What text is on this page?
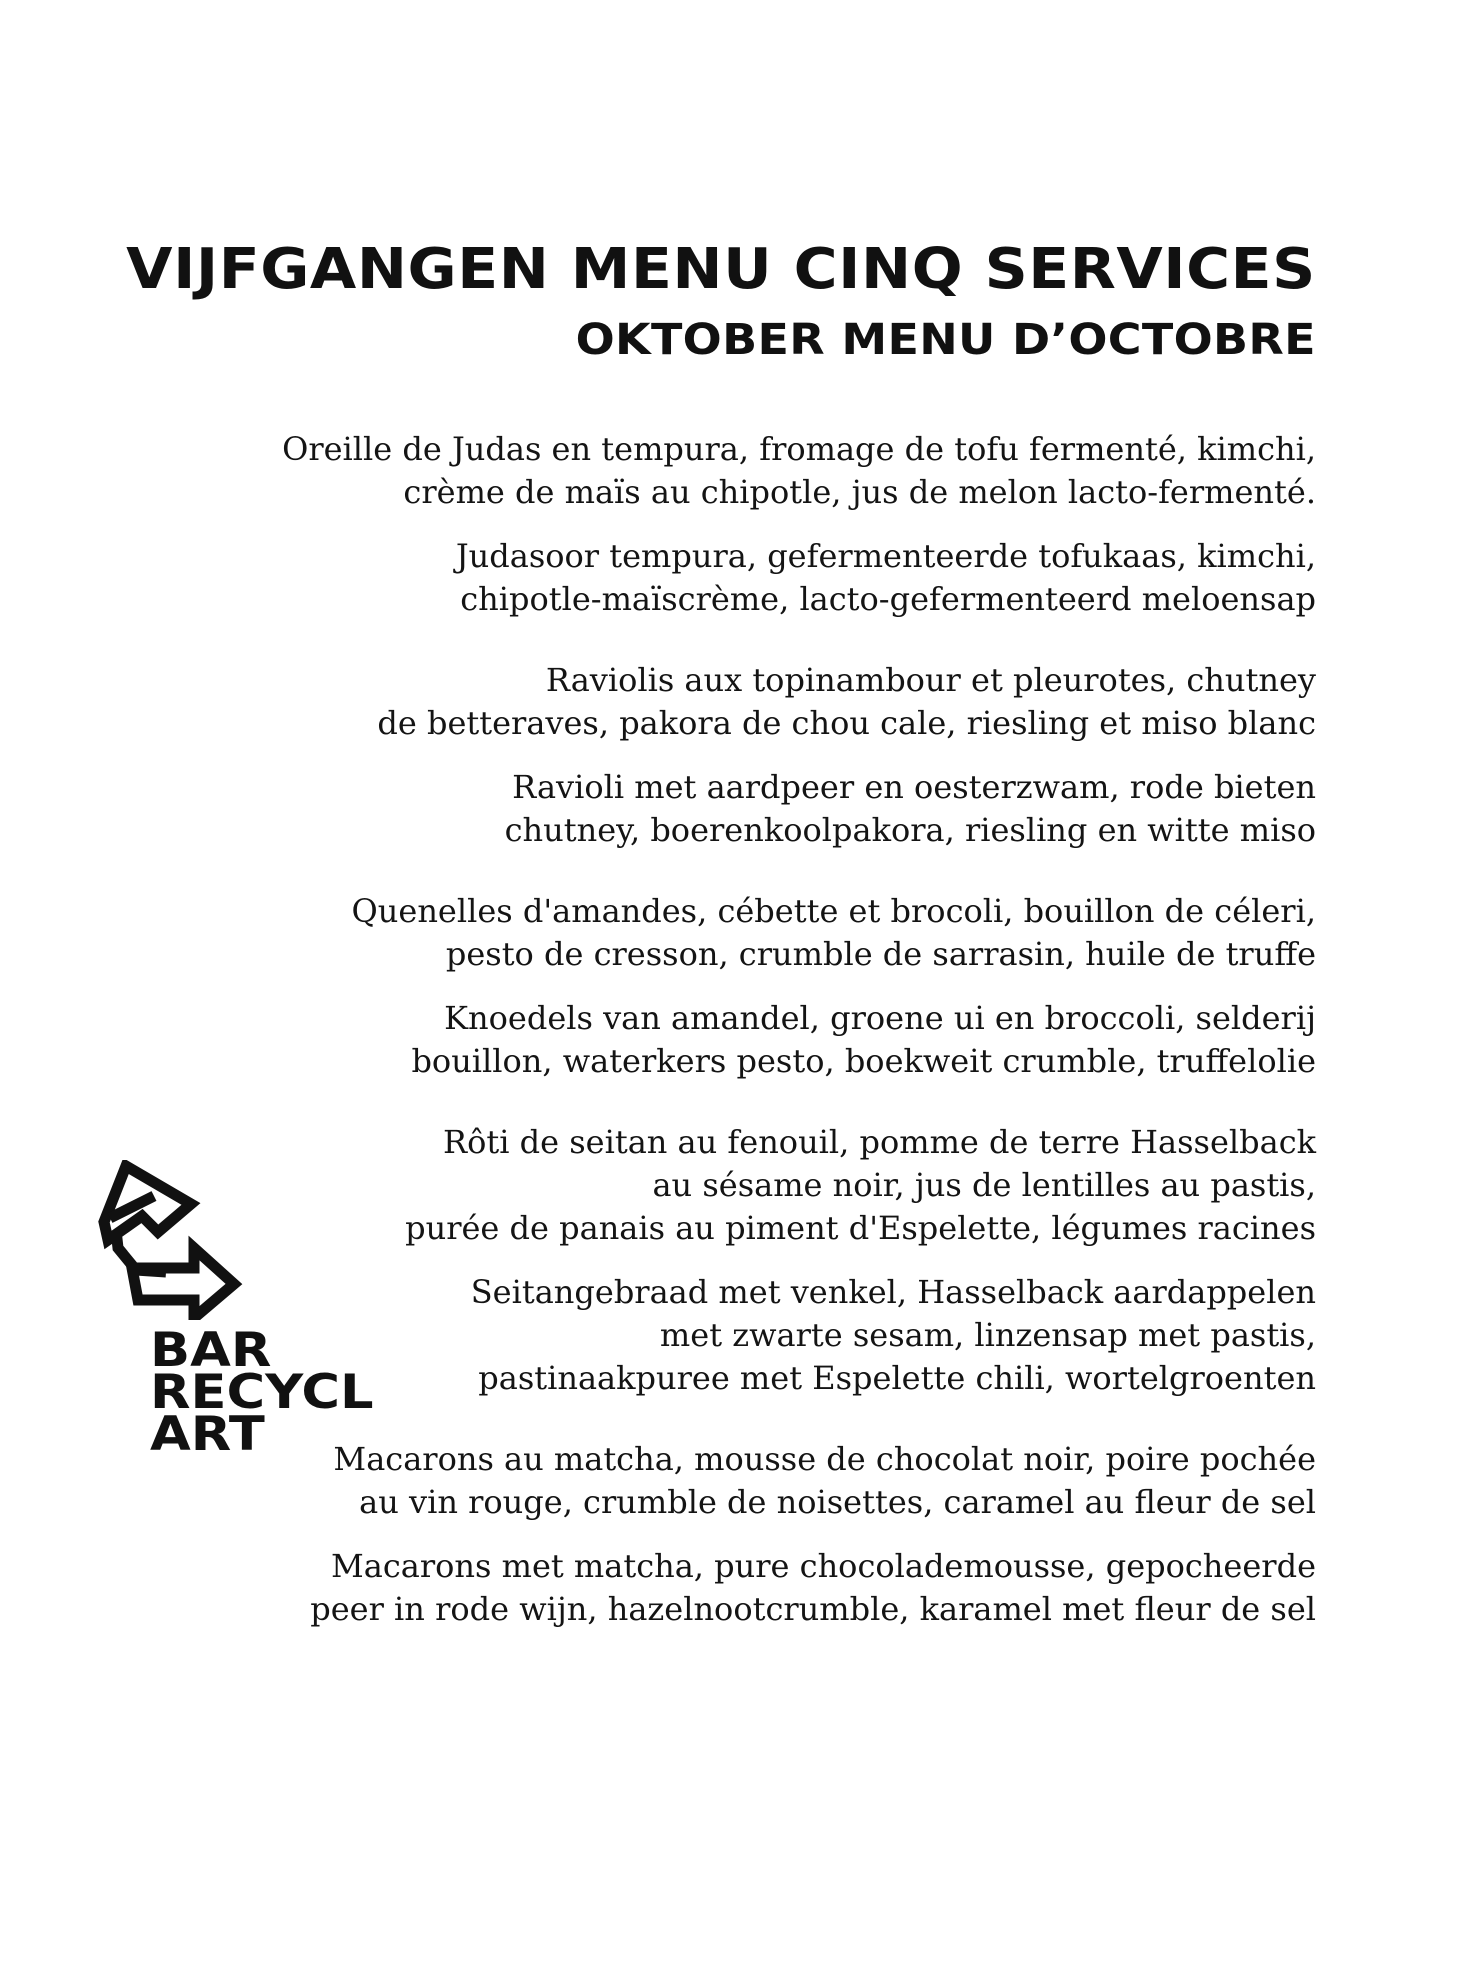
VIJFGANGEN MENU CINQ SERVICES
OKTOBER MENU D’OCTOBRE

Oreille de Judas en tempura, fromage de tofu fermenté, kimchi,
crème de maïs au chipotle, jus de melon lacto-fermenté.

Judasoor tempura, gefermenteerde tofukaas, kimchi,
chipotle-maïscrème, lacto-gefermenteerd meloensap

Raviolis aux topinambour et pleurotes, chutney
de betteraves, pakora de chou cale, riesling et miso blanc

Ravioli met aardpeer en oesterzwam, rode bieten
chutney, boerenkoolpakora, riesling en witte miso

Quenelles d'amandes, cébette et brocoli, bouillon de céleri,
pesto de cresson, crumble de sarrasin, huile de truffe

Knoedels van amandel, groene ui en broccoli, selderij
bouillon, waterkers pesto, boekweit crumble, truffelolie

Rôti de seitan au fenouil, pomme de terre Hasselback
au sésame noir, jus de lentilles au pastis,
purée de panais au piment d'Espelette, légumes racines

Seitangebraad met venkel, Hasselback aardappelen
met zwarte sesam, linzensap met pastis,
pastinaakpuree met Espelette chili, wortelgroenten

Macarons au matcha, mousse de chocolat noir, poire pochée
au vin rouge, crumble de noisettes, caramel au fleur de sel

Macarons met matcha, pure chocolademousse, gepocheerde
peer in rode wijn, hazelnootcrumble, karamel met fleur de sel

BAR
RECYCL
ART
